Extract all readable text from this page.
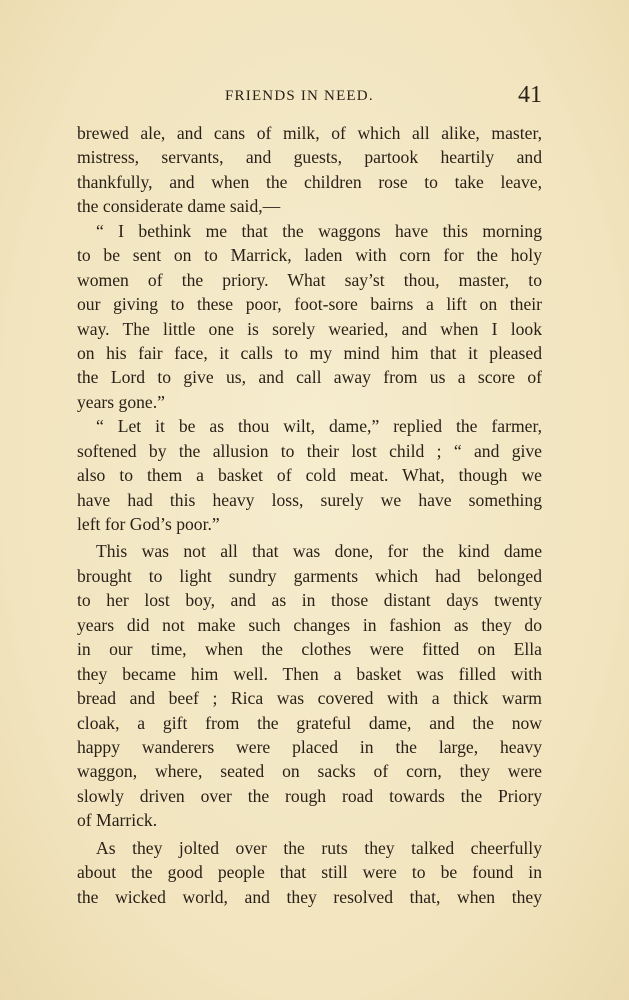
FRIENDS IN NEED.	41
brewed ale, and cans of milk, of which all alike, master,
mistress, servants, and guests, partook heartily and
thankfully, and when the children rose to take leave,
the considerate dame said,—
“ I bethink me that the waggons have this morning
to be sent on to Marrick, laden with corn for the holy
women of the priory. What say’st thou, master, to
our giving to these poor, foot-sore bairns a lift on their
way. The little one is sorely wearied, and when I look
on his fair face, it calls to my mind him that it pleased
the Lord to give us, and call away from us a score of
years gone.”
“ Let it be as thou wilt, dame,” replied the farmer,
softened by the allusion to their lost child ; “ and give
also to them a basket of cold meat. What, though we
have had this heavy loss, surely we have something
left for God’s poor.”
This was not all that was done, for the kind dame
brought to light sundry garments which had belonged
to her lost boy, and as in those distant days twenty
years did not make such changes in fashion as they do
in our time, when the clothes were fitted on Ella
they became him well. Then a basket was filled with
bread and beef ; Rica was covered with a thick warm
cloak, a gift from the grateful dame, and the now
happy wanderers were placed in the large, heavy
waggon, where, seated on sacks of corn, they were
slowly driven over the rough road towards the Priory
of Marrick.
As they jolted over the ruts they talked cheerfully
about the good people that still were to be found in
the wicked world, and they resolved that, when they
